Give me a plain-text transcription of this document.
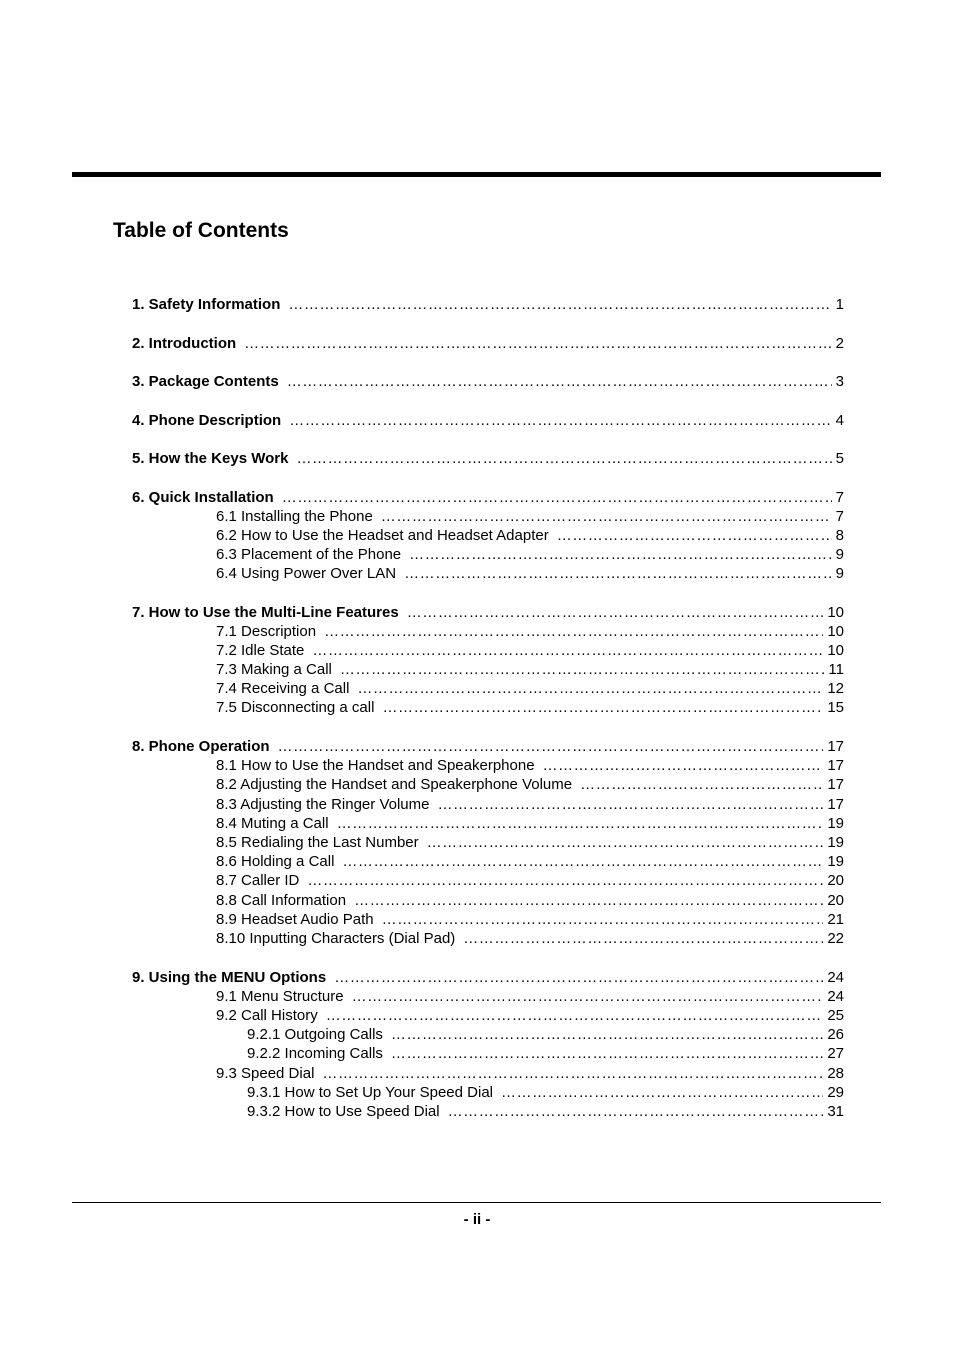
Table of Contents
1. Safety Information ……………………………………………………………………………………………………………………………………………………………………………………	1
2. Introduction ……………………………………………………………………………………………………………………………………………………………………………………	2
3. Package Contents ……………………………………………………………………………………………………………………………………………………………………………………	3
4. Phone Description ……………………………………………………………………………………………………………………………………………………………………………………	4
5. How the Keys Work ……………………………………………………………………………………………………………………………………………………………………………………	5
6. Quick Installation ……………………………………………………………………………………………………………………………………………………………………………………	7
6.1 Installing the Phone ……………………………………………………………………………………………………………………………………………………………………………………	7
6.2 How to Use the Headset and Headset Adapter ……………………………………………………………………………………………………………………………………………………………………………………	8
6.3 Placement of the Phone ……………………………………………………………………………………………………………………………………………………………………………………	9
6.4 Using Power Over LAN ……………………………………………………………………………………………………………………………………………………………………………………	9
7. How to Use the Multi-Line Features ……………………………………………………………………………………………………………………………………………………………………………………	10
7.1 Description ……………………………………………………………………………………………………………………………………………………………………………………	10
7.2 Idle State ……………………………………………………………………………………………………………………………………………………………………………………	10
7.3 Making a Call ……………………………………………………………………………………………………………………………………………………………………………………	11
7.4 Receiving a Call ……………………………………………………………………………………………………………………………………………………………………………………	12
7.5 Disconnecting a call ……………………………………………………………………………………………………………………………………………………………………………………	15
8. Phone Operation ……………………………………………………………………………………………………………………………………………………………………………………	17
8.1 How to Use the Handset and Speakerphone ……………………………………………………………………………………………………………………………………………………………………………………	17
8.2 Adjusting the Handset and Speakerphone Volume ……………………………………………………………………………………………………………………………………………………………………………………	17
8.3 Adjusting the Ringer Volume ……………………………………………………………………………………………………………………………………………………………………………………	17
8.4 Muting a Call ……………………………………………………………………………………………………………………………………………………………………………………	19
8.5 Redialing the Last Number ……………………………………………………………………………………………………………………………………………………………………………………	19
8.6 Holding a Call ……………………………………………………………………………………………………………………………………………………………………………………	19
8.7 Caller ID ……………………………………………………………………………………………………………………………………………………………………………………	20
8.8 Call Information ……………………………………………………………………………………………………………………………………………………………………………………	20
8.9 Headset Audio Path ……………………………………………………………………………………………………………………………………………………………………………………	21
8.10 Inputting Characters (Dial Pad) ……………………………………………………………………………………………………………………………………………………………………………………	22
9. Using the MENU Options ……………………………………………………………………………………………………………………………………………………………………………………	24
9.1 Menu Structure ……………………………………………………………………………………………………………………………………………………………………………………	24
9.2 Call History ……………………………………………………………………………………………………………………………………………………………………………………	25
9.2.1 Outgoing Calls ……………………………………………………………………………………………………………………………………………………………………………………	26
9.2.2 Incoming Calls ……………………………………………………………………………………………………………………………………………………………………………………	27
9.3 Speed Dial ……………………………………………………………………………………………………………………………………………………………………………………	28
9.3.1 How to Set Up Your Speed Dial ……………………………………………………………………………………………………………………………………………………………………………………	29
9.3.2 How to Use Speed Dial ……………………………………………………………………………………………………………………………………………………………………………………	31
- ii -
